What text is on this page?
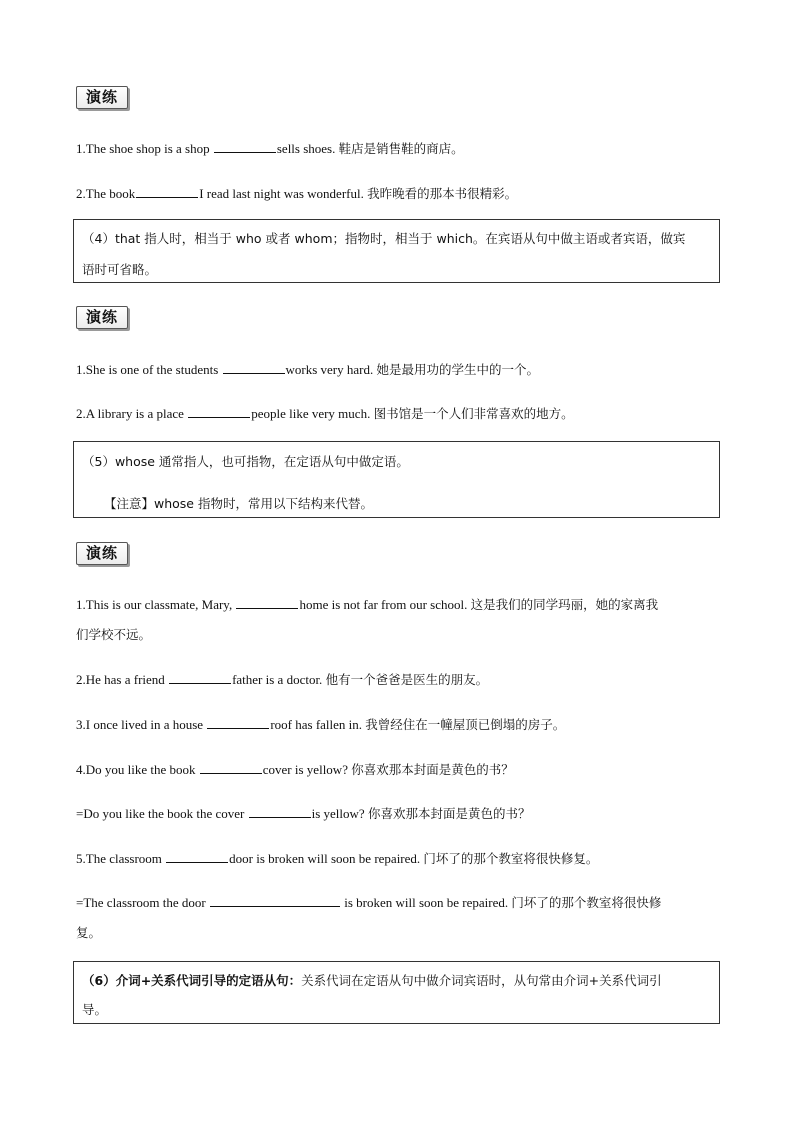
演练
1.The shoe shop is a shop	sells shoes. 鞋店是销售鞋的商店。
2.The book	I read last night was wonderful. 我昨晚看的那本书很精彩。
（4）that 指人时，相当于 who 或者 whom；指物时，相当于 which。在宾语从句中做主语或者宾语，做宾
语时可省略。
演练
1.She is one of the students	works very hard. 她是最用功的学生中的一个。
2.A library is a place	people like very much. 图书馆是一个人们非常喜欢的地方。
（5）whose 通常指人，也可指物，在定语从句中做定语。
【注意】whose 指物时，常用以下结构来代替。
演练
1.This is our classmate, Mary,	home is not far from our school. 这是我们的同学玛丽，她的家离我
们学校不远。
2.He has a friend	father is a doctor. 他有一个爸爸是医生的朋友。
3.I once lived in a house	roof has fallen in. 我曾经住在一幢屋顶已倒塌的房子。
4.Do you like the book	cover is yellow? 你喜欢那本封面是黄色的书？
=Do you like the book the cover	is yellow? 你喜欢那本封面是黄色的书？
5.The classroom	door is broken will soon be repaired. 门坏了的那个教室将很快修复。
=The classroom the door	is broken will soon be repaired. 门坏了的那个教室将很快修
复。
（6）介词+关系代词引导的定语从句：关系代词在定语从句中做介词宾语时，从句常由介词+关系代词引
导。
